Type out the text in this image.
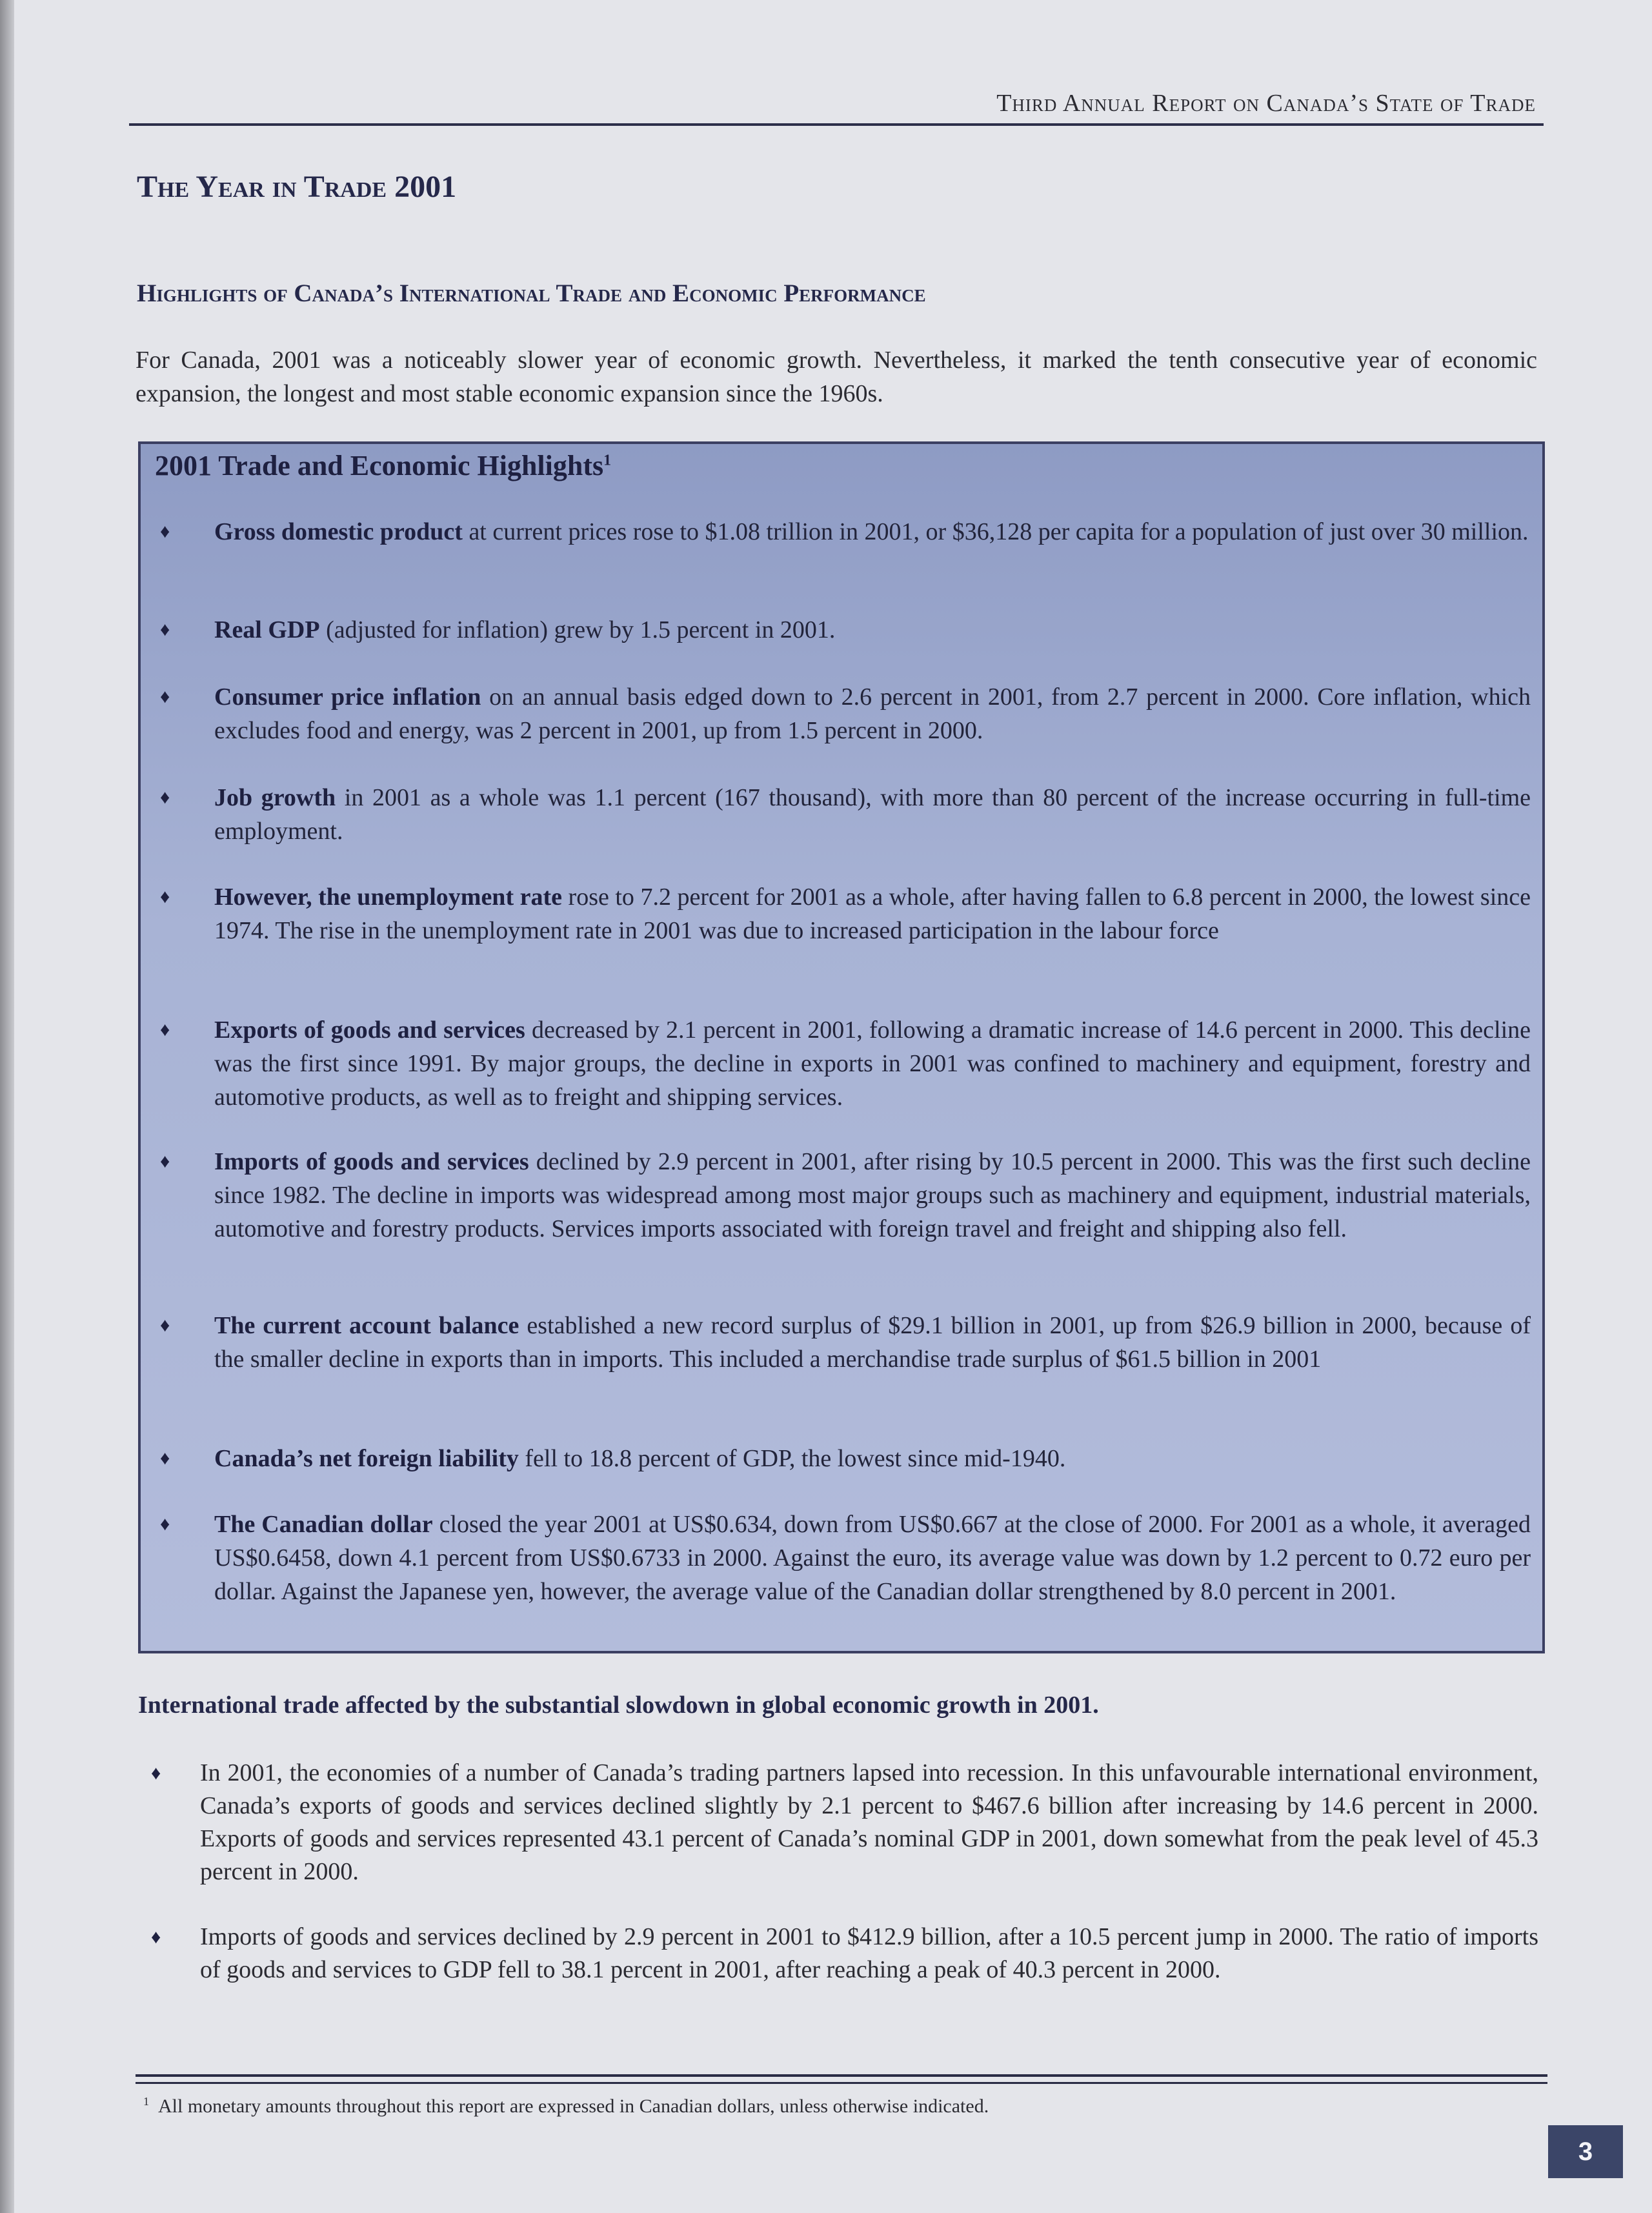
Third Annual Report on Canada’s State of Trade
The Year in Trade 2001
Highlights of Canada’s International Trade and Economic Performance
For Canada, 2001 was a noticeably slower year of economic growth. Nevertheless, it marked the tenth consecutive year of economic expansion, the longest and most stable economic expansion since the 1960s.
2001 Trade and Economic Highlights$^1$
♦ Gross domestic product at current prices rose to $1.08 trillion in 2001, or $36,128 per capita for a population of just over 30 million.
♦ Real GDP (adjusted for inflation) grew by 1.5 percent in 2001.
♦ Consumer price inflation on an annual basis edged down to 2.6 percent in 2001, from 2.7 percent in 2000. Core inflation, which excludes food and energy, was 2 percent in 2001, up from 1.5 percent in 2000.
♦ Job growth in 2001 as a whole was 1.1 percent (167 thousand), with more than 80 percent of the increase occurring in full-time employment.
♦ However, the unemployment rate rose to 7.2 percent for 2001 as a whole, after having fallen to 6.8 percent in 2000, the lowest since 1974. The rise in the unemployment rate in 2001 was due to increased participation in the labour force
♦ Exports of goods and services decreased by 2.1 percent in 2001, following a dramatic increase of 14.6 percent in 2000. This decline was the first since 1991. By major groups, the decline in exports in 2001 was confined to machinery and equipment, forestry and automotive products, as well as to freight and shipping services.
♦ Imports of goods and services declined by 2.9 percent in 2001, after rising by 10.5 percent in 2000. This was the first such decline since 1982. The decline in imports was widespread among most major groups such as machinery and equipment, industrial materials, automotive and forestry products. Services imports associated with foreign travel and freight and shipping also fell.
♦ The current account balance established a new record surplus of $29.1 billion in 2001, up from $26.9 billion in 2000, because of the smaller decline in exports than in imports. This included a merchandise trade surplus of $61.5 billion in 2001
♦ Canada’s net foreign liability fell to 18.8 percent of GDP, the lowest since mid-1940.
♦ The Canadian dollar closed the year 2001 at US$0.634, down from US$0.667 at the close of 2000. For 2001 as a whole, it averaged US$0.6458, down 4.1 percent from US$0.6733 in 2000. Against the euro, its average value was down by 1.2 percent to 0.72 euro per dollar. Against the Japanese yen, however, the average value of the Canadian dollar strengthened by 8.0 percent in 2001.
International trade affected by the substantial slowdown in global economic growth in 2001.
♦ In 2001, the economies of a number of Canada’s trading partners lapsed into recession. In this unfavourable international environment, Canada’s exports of goods and services declined slightly by 2.1 percent to $467.6 billion after increasing by 14.6 percent in 2000. Exports of goods and services represented 43.1 percent of Canada’s nominal GDP in 2001, down somewhat from the peak level of 45.3 percent in 2000.
♦ Imports of goods and services declined by 2.9 percent in 2001 to $412.9 billion, after a 10.5 percent jump in 2000. The ratio of imports of goods and services to GDP fell to 38.1 percent in 2001, after reaching a peak of 40.3 percent in 2000.
$^1$ All monetary amounts throughout this report are expressed in Canadian dollars, unless otherwise indicated.
3
